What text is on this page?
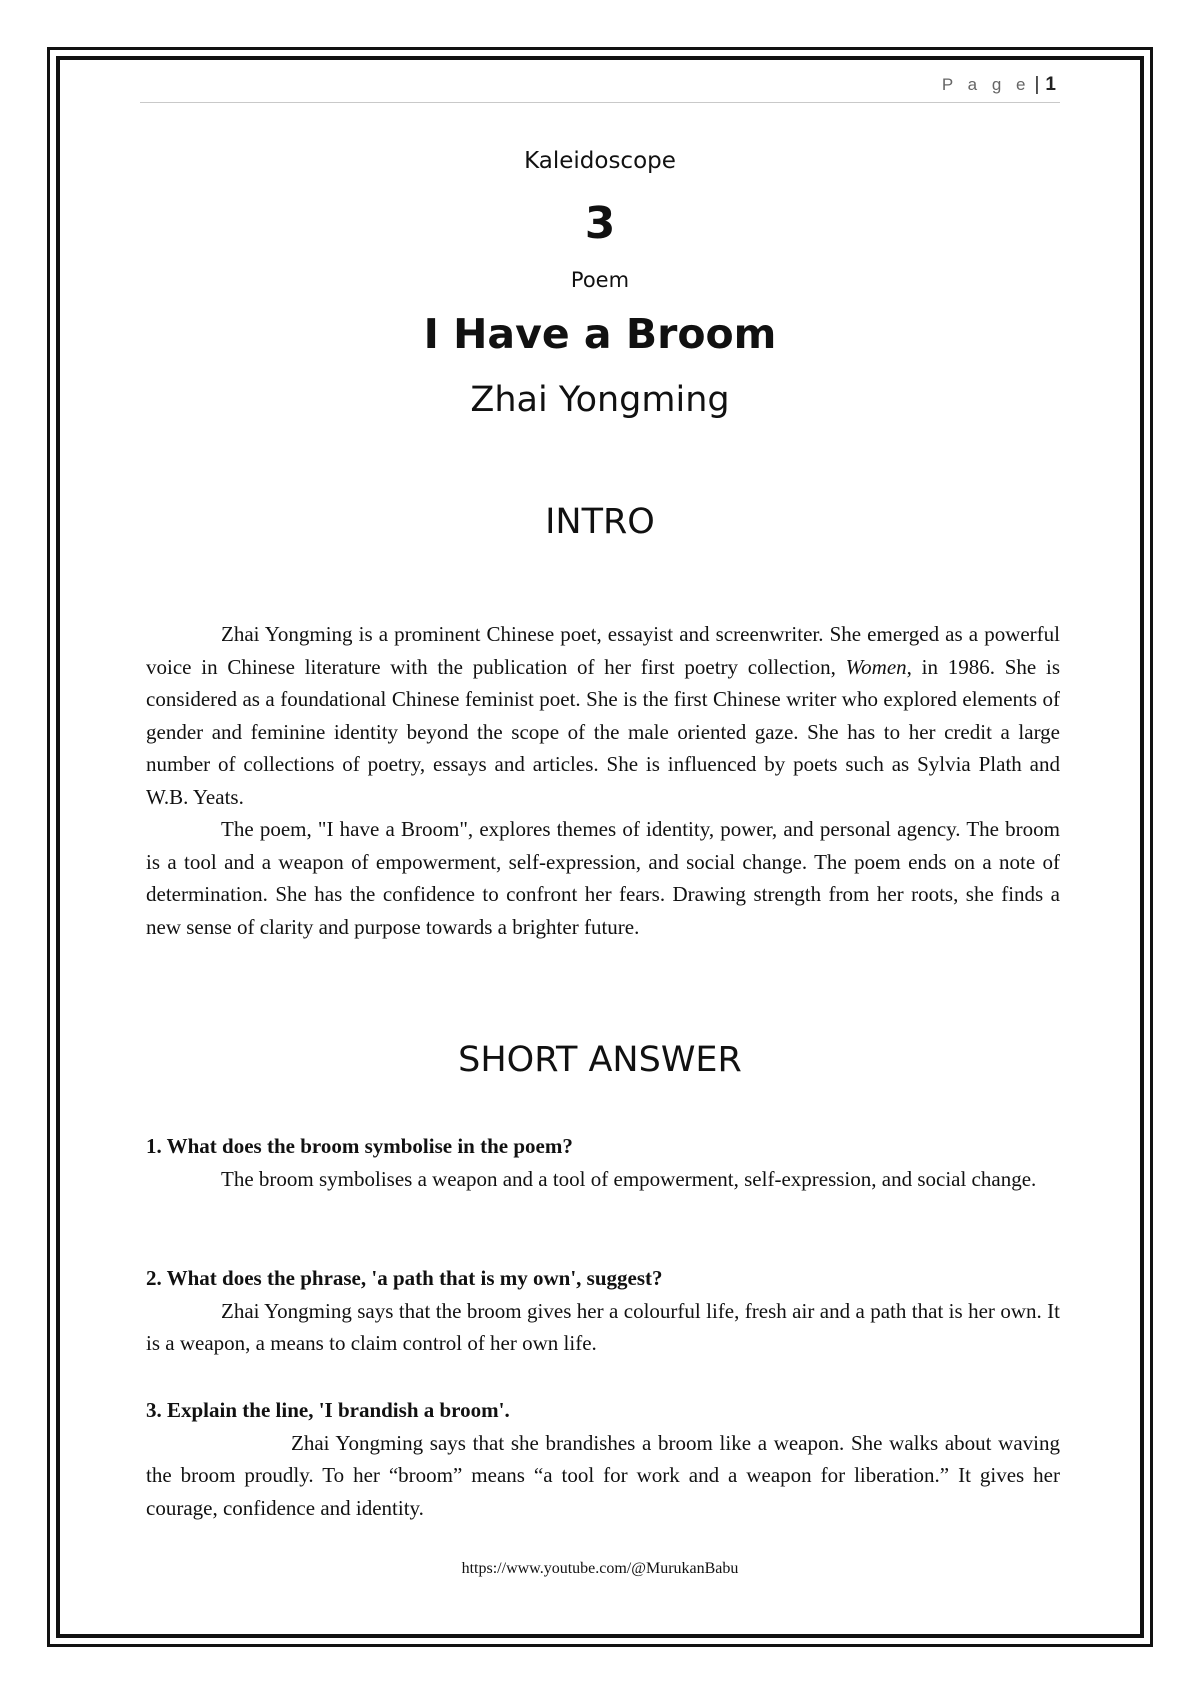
P a g e | 1
Kaleidoscope
3
Poem
I Have a Broom
Zhai Yongming
INTRO

Zhai Yongming is a prominent Chinese poet, essayist and screenwriter. She emerged as a powerful voice in Chinese literature with the publication of her first poetry collection, Women, in 1986. She is considered as a foundational Chinese feminist poet. She is the first Chinese writer who explored elements of gender and feminine identity beyond the scope of the male oriented gaze. She has to her credit a large number of collections of poetry, essays and articles. She is influenced by poets such as Sylvia Plath and W.B. Yeats.

The poem, "I have a Broom", explores themes of identity, power, and personal agency. The broom is a tool and a weapon of empowerment, self-expression, and social change. The poem ends on a note of determination. She has the confidence to confront her fears. Drawing strength from her roots, she finds a new sense of clarity and purpose towards a brighter future.

SHORT ANSWER

1. What does the broom symbolise in the poem?

The broom symbolises a weapon and a tool of empowerment, self-expression, and social change.

2. What does the phrase, 'a path that is my own', suggest?

Zhai Yongming says that the broom gives her a colourful life, fresh air and a path that is her own. It is a weapon, a means to claim control of her own life.

3. Explain the line, 'I brandish a broom'.

Zhai Yongming says that she brandishes a broom like a weapon. She walks about waving the broom proudly. To her “broom” means “a tool for work and a weapon for liberation.” It gives her courage, confidence and identity.

https://www.youtube.com/@MurukanBabu
